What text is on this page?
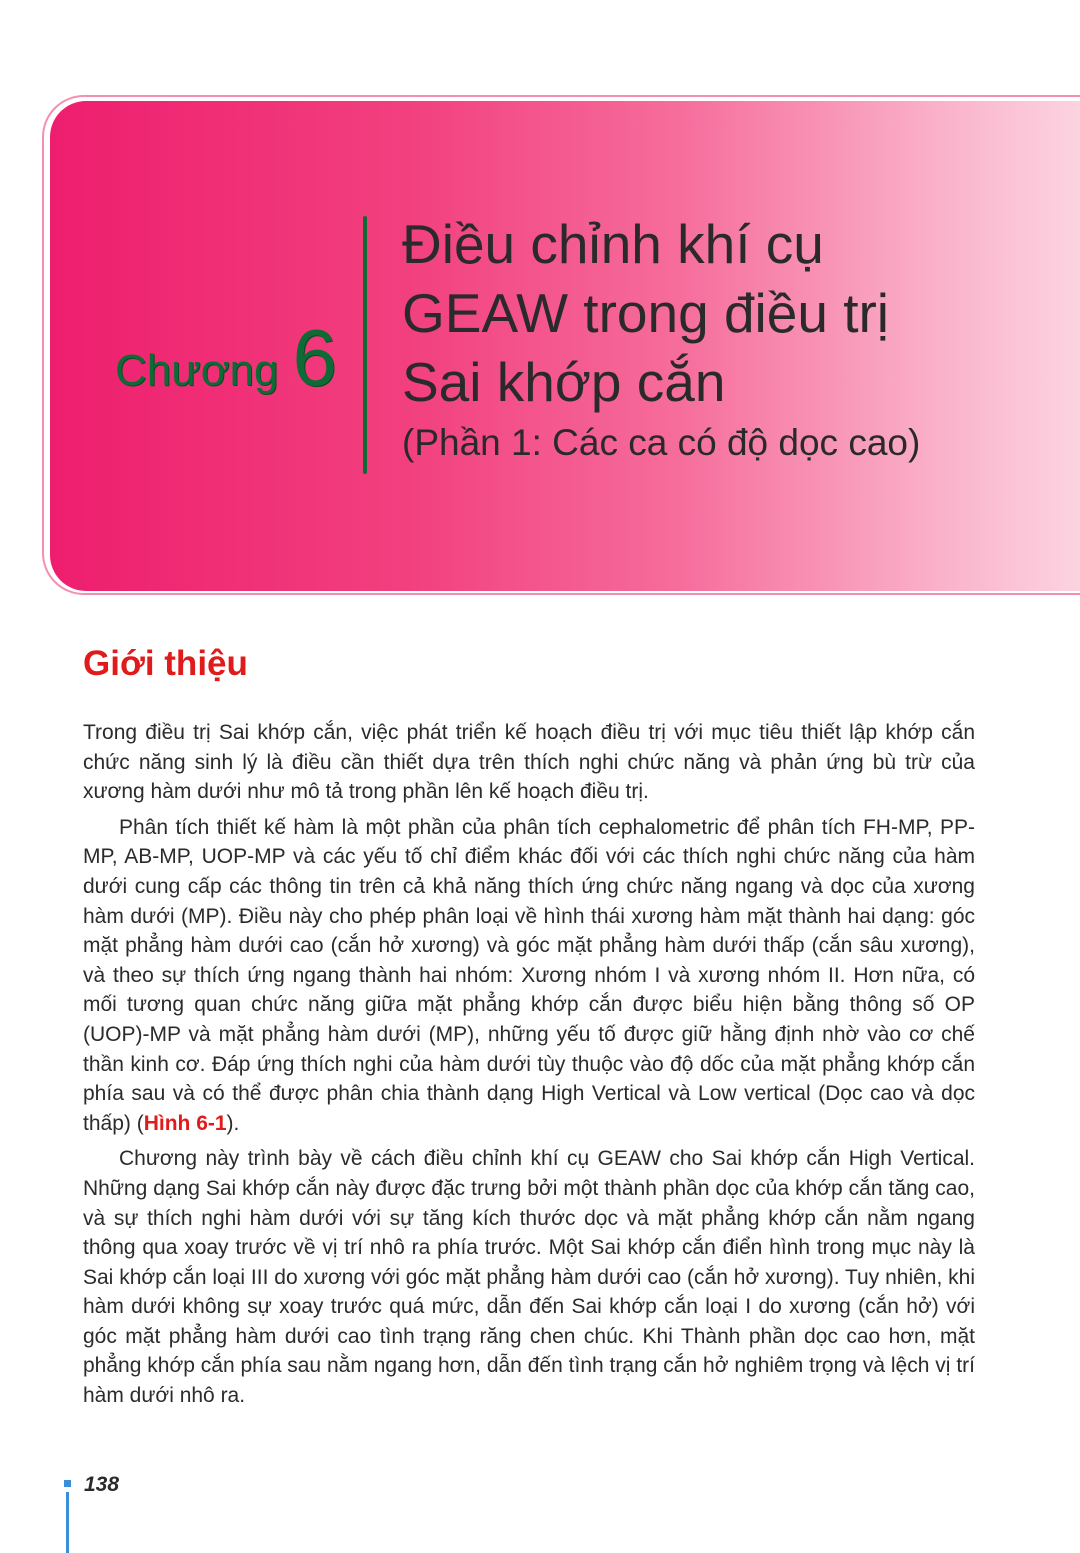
Chương 6
Điều chỉnh khí cụ
GEAW trong điều trị
Sai khớp cắn
(Phần 1: Các ca có độ dọc cao)
Giới thiệu

Trong điều trị Sai khớp cắn, việc phát triển kế hoạch điều trị với mục tiêu thiết lập khớp cắn chức năng sinh lý là điều cần thiết dựa trên thích nghi chức năng và phản ứng bù trừ của xương hàm dưới như mô tả trong phần lên kế hoạch điều trị.

Phân tích thiết kế hàm là một phần của phân tích cephalometric để phân tích FH-MP, PP-MP, AB-MP, UOP-MP và các yếu tố chỉ điểm khác đối với các thích nghi chức năng của hàm dưới cung cấp các thông tin trên cả khả năng thích ứng chức năng ngang và dọc của xương hàm dưới (MP). Điều này cho phép phân loại về hình thái xương hàm mặt thành hai dạng: góc mặt phẳng hàm dưới cao (cắn hở xương) và góc mặt phẳng hàm dưới thấp (cắn sâu xương), và theo sự thích ứng ngang thành hai nhóm: Xương nhóm I và xương nhóm II. Hơn nữa, có mối tương quan chức năng giữa mặt phẳng khớp cắn được biểu hiện bằng thông số OP (UOP)-MP và mặt phẳng hàm dưới (MP), những yếu tố được giữ hằng định nhờ vào cơ chế thần kinh cơ. Đáp ứng thích nghi của hàm dưới tùy thuộc vào độ dốc của mặt phẳng khớp cắn phía sau và có thể được phân chia thành dạng High Vertical và Low vertical (Dọc cao và dọc thấp) (Hình 6-1).

Chương này trình bày về cách điều chỉnh khí cụ GEAW cho Sai khớp cắn High Vertical. Những dạng Sai khớp cắn này được đặc trưng bởi một thành phần dọc của khớp cắn tăng cao, và sự thích nghi hàm dưới với sự tăng kích thước dọc và mặt phẳng khớp cắn nằm ngang thông qua xoay trước về vị trí nhô ra phía trước. Một Sai khớp cắn điển hình trong mục này là Sai khớp cắn loại III do xương với góc mặt phẳng hàm dưới cao (cắn hở xương). Tuy nhiên, khi hàm dưới không sự xoay trước quá mức, dẫn đến Sai khớp cắn loại I do xương (cắn hở) với góc mặt phẳng hàm dưới cao tình trạng răng chen chúc. Khi Thành phần dọc cao hơn, mặt phẳng khớp cắn phía sau nằm ngang hơn, dẫn đến tình trạng cắn hở nghiêm trọng và lệch vị trí hàm dưới nhô ra.

138
